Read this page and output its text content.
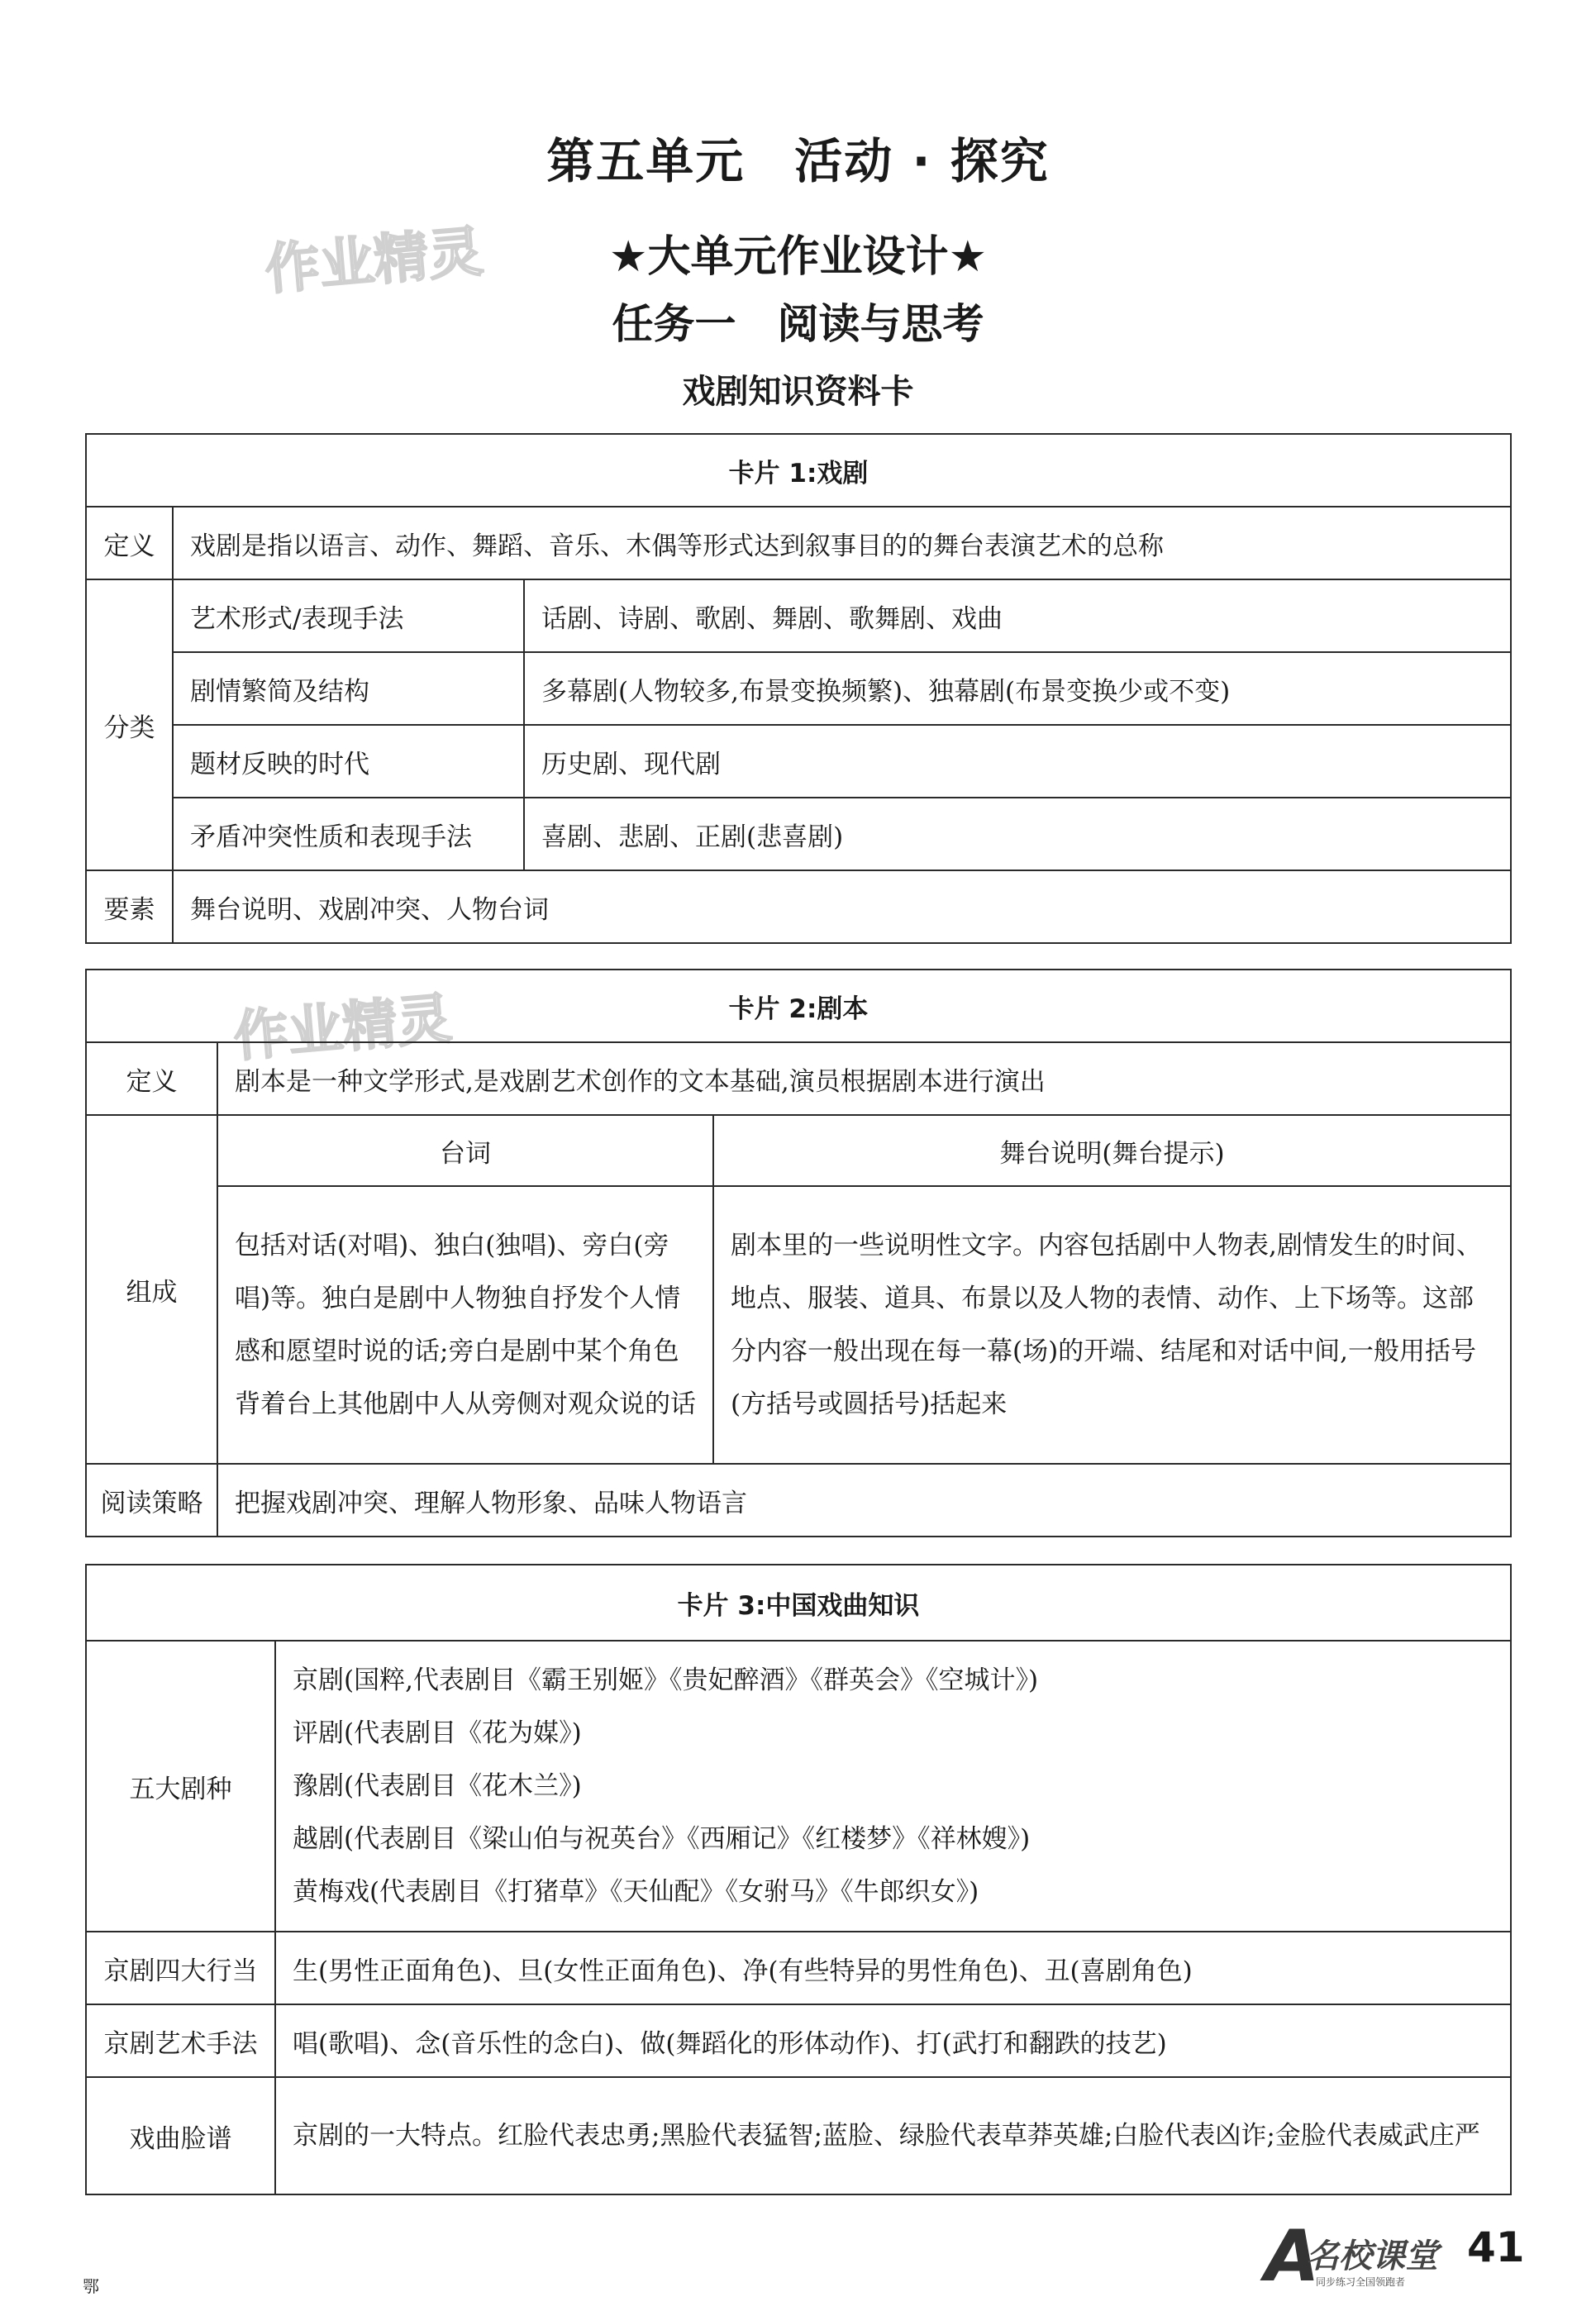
第五单元　活动 · 探究
作业精灵	★大单元作业设计★
任务一　阅读与思考
戏剧知识资料卡
卡片 1:戏剧		
定义	戏剧是指以语言、动作、舞蹈、音乐、木偶等形式达到叙事目的的舞台表演艺术的总称	
分类	艺术形式/表现手法	话剧、诗剧、歌剧、舞剧、歌舞剧、戏曲
	剧情繁简及结构	多幕剧(人物较多,布景变换频繁)、独幕剧(布景变换少或不变)
	题材反映的时代	历史剧、现代剧
	矛盾冲突性质和表现手法	喜剧、悲剧、正剧(悲喜剧)
要素	舞台说明、戏剧冲突、人物台词	
作业精灵	卡片 2:剧本		
定义	剧本是一种文学形式,是戏剧艺术创作的文本基础,演员根据剧本进行演出	
组成	台词	舞台说明(舞台提示)
	包括对话(对唱)、独白(独唱)、旁白(旁唱)等。独白是剧中人物独自抒发个人情感和愿望时说的话;旁白是剧中某个角色背着台上其他剧中人从旁侧对观众说的话	剧本里的一些说明性文字。内容包括剧中人物表,剧情发生的时间、地点、服装、道具、布景以及人物的表情、动作、上下场等。这部分内容一般出现在每一幕(场)的开端、结尾和对话中间,一般用括号(方括号或圆括号)括起来
阅读策略	把握戏剧冲突、理解人物形象、品味人物语言	
卡片 3:中国戏曲知识	
五大剧种	京剧(国粹,代表剧目《霸王别姬》《贵妃醉酒》《群英会》《空城计》)
评剧(代表剧目《花为媒》)
豫剧(代表剧目《花木兰》)
越剧(代表剧目《梁山伯与祝英台》《西厢记》《红楼梦》《祥林嫂》)
黄梅戏(代表剧目《打猪草》《天仙配》《女驸马》《牛郎织女》)

京剧四大行当	生(男性正面角色)、旦(女性正面角色)、净(有些特异的男性角色)、丑(喜剧角色)
京剧艺术手法	唱(歌唱)、念(音乐性的念白)、做(舞蹈化的形体动作)、打(武打和翻跌的技艺)
戏曲脸谱	京剧的一大特点。红脸代表忠勇;黑脸代表猛智;蓝脸、绿脸代表草莽英雄;白脸代表凶诈;金脸代表威武庄严
鄂	A
名校课堂
同步练习全国领跑者
41
